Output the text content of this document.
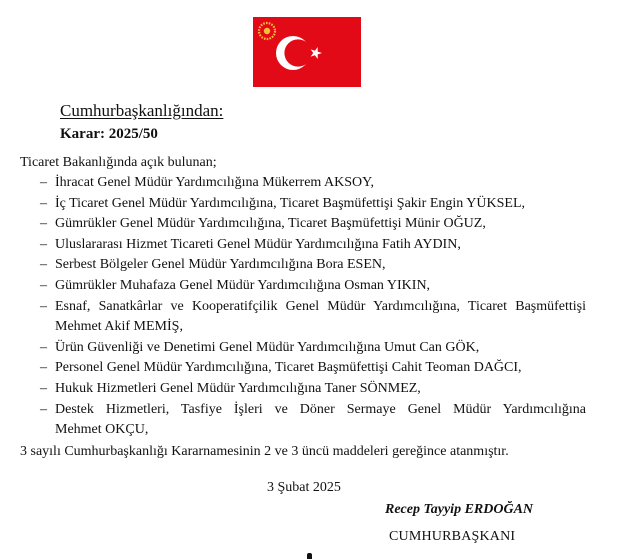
Cumhurbaşkanlığından:
Karar: 2025/50
Ticaret Bakanlığında açık bulunan;
– İhracat Genel Müdür Yardımcılığına Mükerrem AKSOY,
– İç Ticaret Genel Müdür Yardımcılığına, Ticaret Başmüfettişi Şakir Engin YÜKSEL,
– Gümrükler Genel Müdür Yardımcılığına, Ticaret Başmüfettişi Münir OĞUZ,
– Uluslararası Hizmet Ticareti Genel Müdür Yardımcılığına Fatih AYDIN,
– Serbest Bölgeler Genel Müdür Yardımcılığına Bora ESEN,
– Gümrükler Muhafaza Genel Müdür Yardımcılığına Osman YIKIN,
– Esnaf, Sanatkârlar ve Kooperatifçilik Genel Müdür Yardımcılığına, Ticaret Başmüfettişi
Mehmet Akif MEMİŞ,
– Ürün Güvenliği ve Denetimi Genel Müdür Yardımcılığına Umut Can GÖK,
– Personel Genel Müdür Yardımcılığına, Ticaret Başmüfettişi Cahit Teoman DAĞCI,
– Hukuk Hizmetleri Genel Müdür Yardımcılığına Taner SÖNMEZ,
– Destek Hizmetleri, Tasfiye İşleri ve Döner Sermaye Genel Müdür Yardımcılığına
Mehmet OKÇU,
3 sayılı Cumhurbaşkanlığı Kararnamesinin 2 ve 3 üncü maddeleri gereğince atanmıştır.
3 Şubat 2025
Recep Tayyip ERDOĞAN
CUMHURBAŞKANI
